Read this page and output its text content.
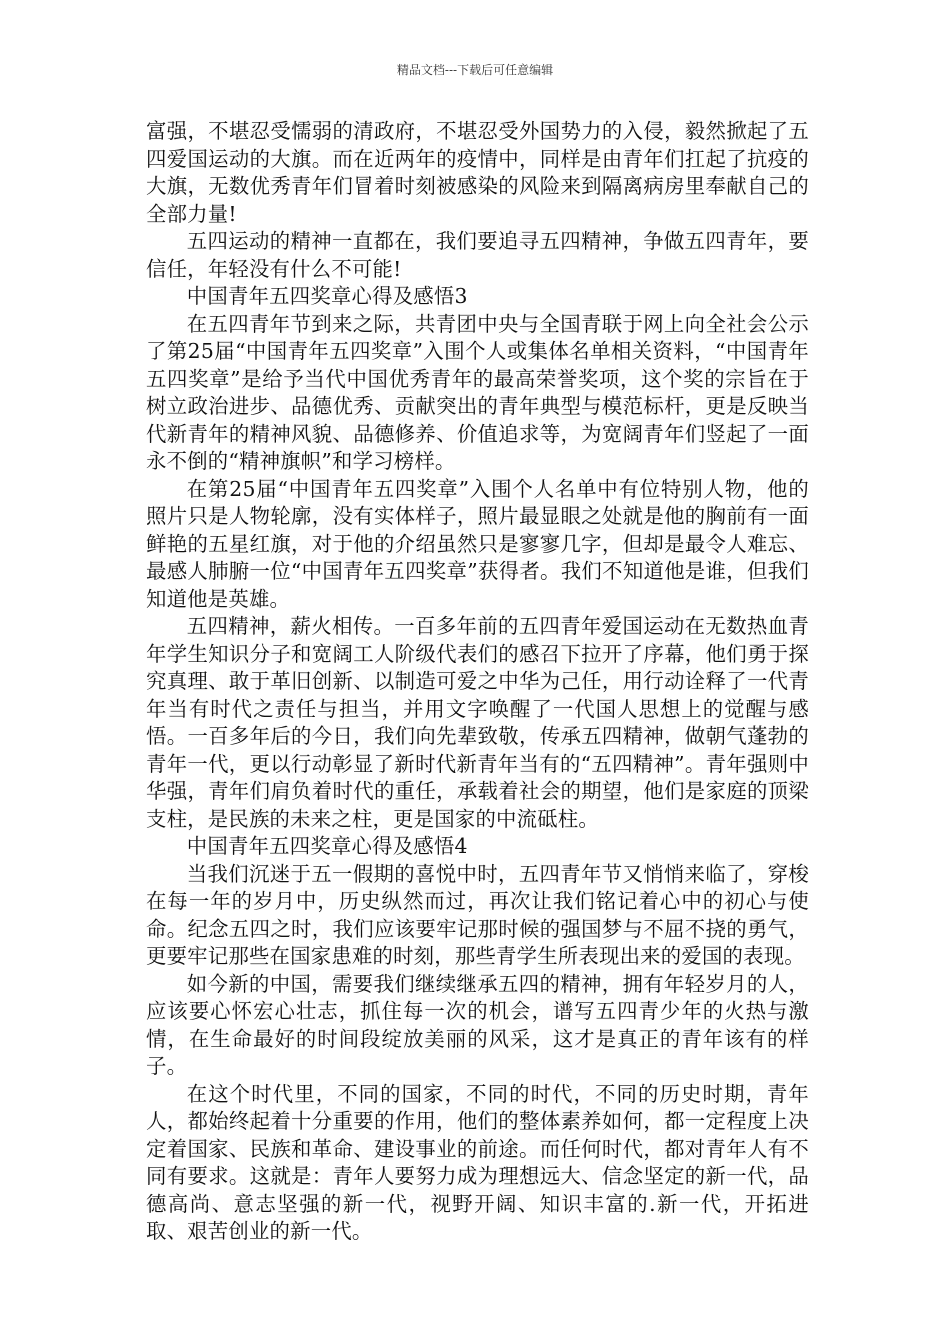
精品文档---下载后可任意编辑

富强，不堪忍受懦弱的清政府，不堪忍受外国势力的入侵，毅然掀起了五四爱国运动的大旗。而在近两年的疫情中，同样是由青年们扛起了抗疫的大旗，无数优秀青年们冒着时刻被感染的风险来到隔离病房里奉献自己的全部力量!

五四运动的精神一直都在，我们要追寻五四精神，争做五四青年，要信任，年轻没有什么不可能!

中国青年五四奖章心得及感悟3

在五四青年节到来之际，共青团中央与全国青联于网上向全社会公示了第25届“中国青年五四奖章”入围个人或集体名单相关资料，“中国青年五四奖章”是给予当代中国优秀青年的最高荣誉奖项，这个奖的宗旨在于树立政治进步、品德优秀、贡献突出的青年典型与模范标杆，更是反映当代新青年的精神风貌、品德修养、价值追求等，为宽阔青年们竖起了一面永不倒的“精神旗帜”和学习榜样。

在第25届“中国青年五四奖章”入围个人名单中有位特别人物，他的照片只是人物轮廓，没有实体样子，照片最显眼之处就是他的胸前有一面鲜艳的五星红旗，对于他的介绍虽然只是寥寥几字，但却是最令人难忘、最感人肺腑一位“中国青年五四奖章”获得者。我们不知道他是谁，但我们知道他是英雄。

五四精神，薪火相传。一百多年前的五四青年爱国运动在无数热血青年学生知识分子和宽阔工人阶级代表们的感召下拉开了序幕，他们勇于探究真理、敢于革旧创新、以制造可爱之中华为己任，用行动诠释了一代青年当有时代之责任与担当，并用文字唤醒了一代国人思想上的觉醒与感悟。一百多年后的今日，我们向先辈致敬，传承五四精神，做朝气蓬勃的青年一代，更以行动彰显了新时代新青年当有的“五四精神”。青年强则中华强，青年们肩负着时代的重任，承载着社会的期望，他们是家庭的顶梁支柱，是民族的未来之柱，更是国家的中流砥柱。

中国青年五四奖章心得及感悟4

当我们沉迷于五一假期的喜悦中时，五四青年节又悄悄来临了，穿梭在每一年的岁月中，历史纵然而过，再次让我们铭记着心中的初心与使命。纪念五四之时，我们应该要牢记那时候的强国梦与不屈不挠的勇气，更要牢记那些在国家患难的时刻，那些青学生所表现出来的爱国的表现。

如今新的中国，需要我们继续继承五四的精神，拥有年轻岁月的人，应该要心怀宏心壮志，抓住每一次的机会，谱写五四青少年的火热与激情，在生命最好的时间段绽放美丽的风采，这才是真正的青年该有的样子。

在这个时代里，不同的国家，不同的时代，不同的历史时期，青年人，都始终起着十分重要的作用，他们的整体素养如何，都一定程度上决定着国家、民族和革命、建设事业的前途。而任何时代，都对青年人有不同有要求。这就是：青年人要努力成为理想远大、信念坚定的新一代，品德高尚、意志坚强的新一代，视野开阔、知识丰富的.新一代，开拓进取、艰苦创业的新一代。
